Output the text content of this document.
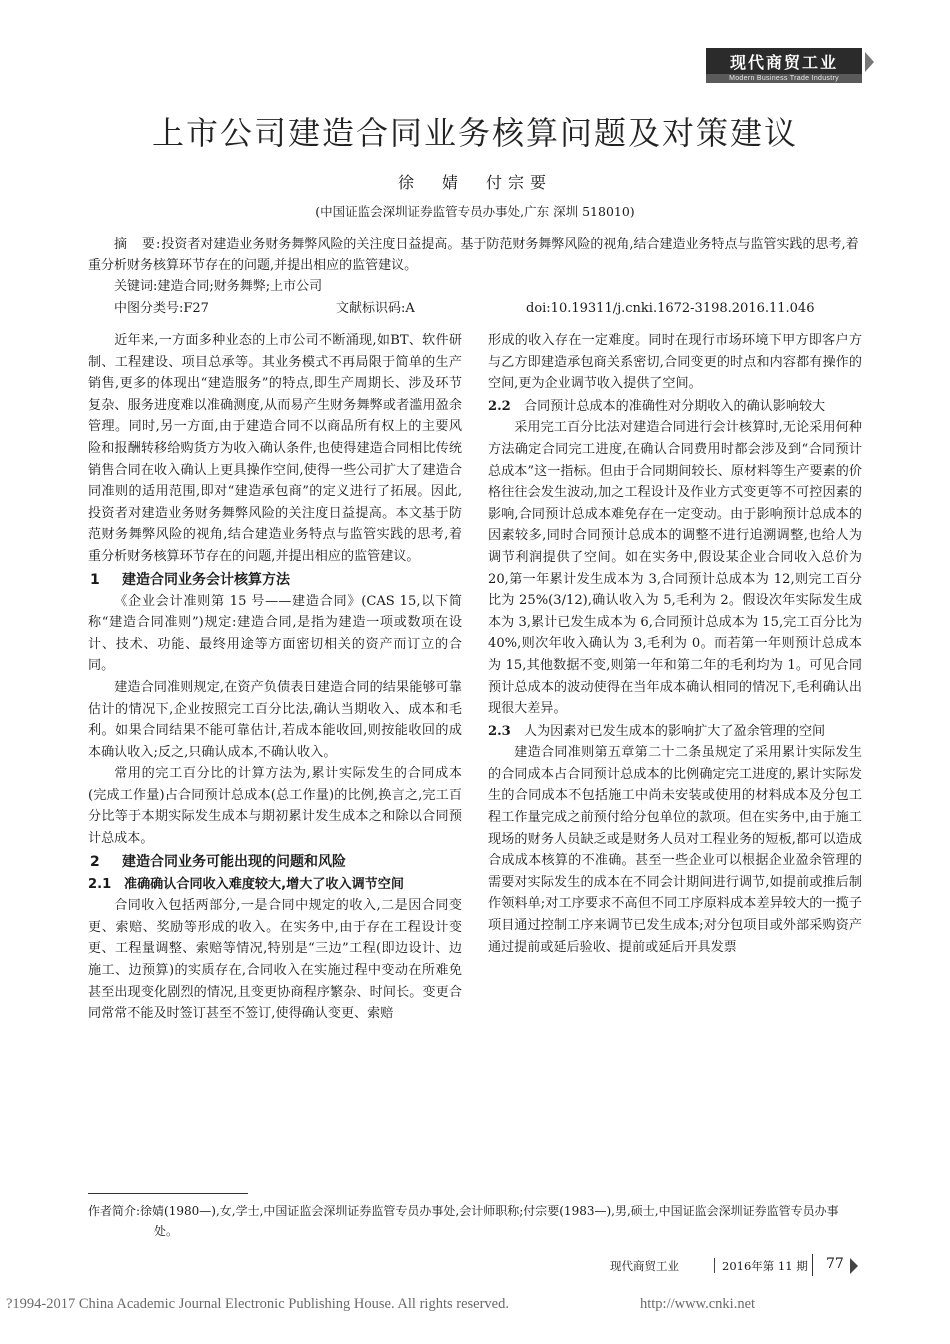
现代商贸工业
Modern Business Trade Industry
上市公司建造合同业务核算问题及对策建议
徐　婧　付宗要
(中国证监会深圳证券监管专员办事处,广东 深圳 518010)
摘　要:投资者对建造业务财务舞弊风险的关注度日益提高。基于防范财务舞弊风险的视角,结合建造业务特点与监管实践的思考,着重分析财务核算环节存在的问题,并提出相应的监管建议。
关键词:建造合同;财务舞弊;上市公司
中图分类号:F27	文献标识码:A	doi:10.19311/j.cnki.1672-3198.2016.11.046

近年来,一方面多种业态的上市公司不断涌现,如BT、软件研制、工程建设、项目总承等。其业务模式不再局限于简单的生产销售,更多的体现出“建造服务”的特点,即生产周期长、涉及环节复杂、服务进度难以准确测度,从而易产生财务舞弊或者滥用盈余管理。同时,另一方面,由于建造合同不以商品所有权上的主要风险和报酬转移给购货方为收入确认条件,也使得建造合同相比传统销售合同在收入确认上更具操作空间,使得一些公司扩大了建造合同准则的适用范围,即对“建造承包商”的定义进行了拓展。因此,投资者对建造业务财务舞弊风险的关注度日益提高。本文基于防范财务舞弊风险的视角,结合建造业务特点与监管实践的思考,着重分析财务核算环节存在的问题,并提出相应的监管建议。

1 建造合同业务会计核算方法

《企业会计准则第 15 号——建造合同》(CAS 15,以下简称“建造合同准则”)规定:建造合同,是指为建造一项或数项在设计、技术、功能、最终用途等方面密切相关的资产而订立的合同。

建造合同准则规定,在资产负债表日建造合同的结果能够可靠估计的情况下,企业按照完工百分比法,确认当期收入、成本和毛利。如果合同结果不能可靠估计,若成本能收回,则按能收回的成本确认收入;反之,只确认成本,不确认收入。

常用的完工百分比的计算方法为,累计实际发生的合同成本(完成工作量)占合同预计总成本(总工作量)的比例,换言之,完工百分比等于本期实际发生成本与期初累计发生成本之和除以合同预计总成本。

2 建造合同业务可能出现的问题和风险
2.1 准确确认合同收入难度较大,增大了收入调节空间

合同收入包括两部分,一是合同中规定的收入,二是因合同变更、索赔、奖励等形成的收入。在实务中,由于存在工程设计变更、工程量调整、索赔等情况,特别是“三边”工程(即边设计、边施工、边预算)的实质存在,合同收入在实施过程中变动在所难免甚至出现变化剧烈的情况,且变更协商程序繁杂、时间长。变更合同常常不能及时签订甚至不签订,使得确认变更、索赔

形成的收入存在一定难度。同时在现行市场环境下甲方即客户方与乙方即建造承包商关系密切,合同变更的时点和内容都有操作的空间,更为企业调节收入提供了空间。

2.2 合同预计总成本的准确性对分期收入的确认影响较大

采用完工百分比法对建造合同进行会计核算时,无论采用何种方法确定合同完工进度,在确认合同费用时都会涉及到“合同预计总成本”这一指标。但由于合同期间较长、原材料等生产要素的价格往往会发生波动,加之工程设计及作业方式变更等不可控因素的影响,合同预计总成本难免存在一定变动。由于影响预计总成本的因素较多,同时合同预计总成本的调整不进行追溯调整,也给人为调节利润提供了空间。如在实务中,假设某企业合同收入总价为 20,第一年累计发生成本为 3,合同预计总成本为 12,则完工百分比为 25%(3/12),确认收入为 5,毛利为 2。假设次年实际发生成本为 3,累计已发生成本为 6,合同预计总成本为 15,完工百分比为 40%,则次年收入确认为 3,毛利为 0。而若第一年则预计总成本为 15,其他数据不变,则第一年和第二年的毛利均为 1。可见合同预计总成本的波动使得在当年成本确认相同的情况下,毛利确认出现很大差异。

2.3 人为因素对已发生成本的影响扩大了盈余管理的空间

建造合同准则第五章第二十二条虽规定了采用累计实际发生的合同成本占合同预计总成本的比例确定完工进度的,累计实际发生的合同成本不包括施工中尚未安装或使用的材料成本及分包工程工作量完成之前预付给分包单位的款项。但在实务中,由于施工现场的财务人员缺乏或是财务人员对工程业务的短板,都可以造成合成成本核算的不准确。甚至一些企业可以根据企业盈余管理的需要对实际发生的成本在不同会计期间进行调节,如提前或推后制作领料单;对工序要求不高但不同工序原料成本差异较大的一揽子项目通过控制工序来调节已发生成本;对分包项目或外部采购资产通过提前或延后验收、提前或延后开具发票

作者简介:徐婧(1980—),女,学士,中国证监会深圳证券监管专员办事处,会计师职称;付宗要(1983—),男,硕士,中国证监会深圳证券监管专员办事处。
现代商贸工业	2016年第 11 期 77
?1994-2017 China Academic Journal Electronic Publishing House. All rights reserved.	http://www.cnki.net
